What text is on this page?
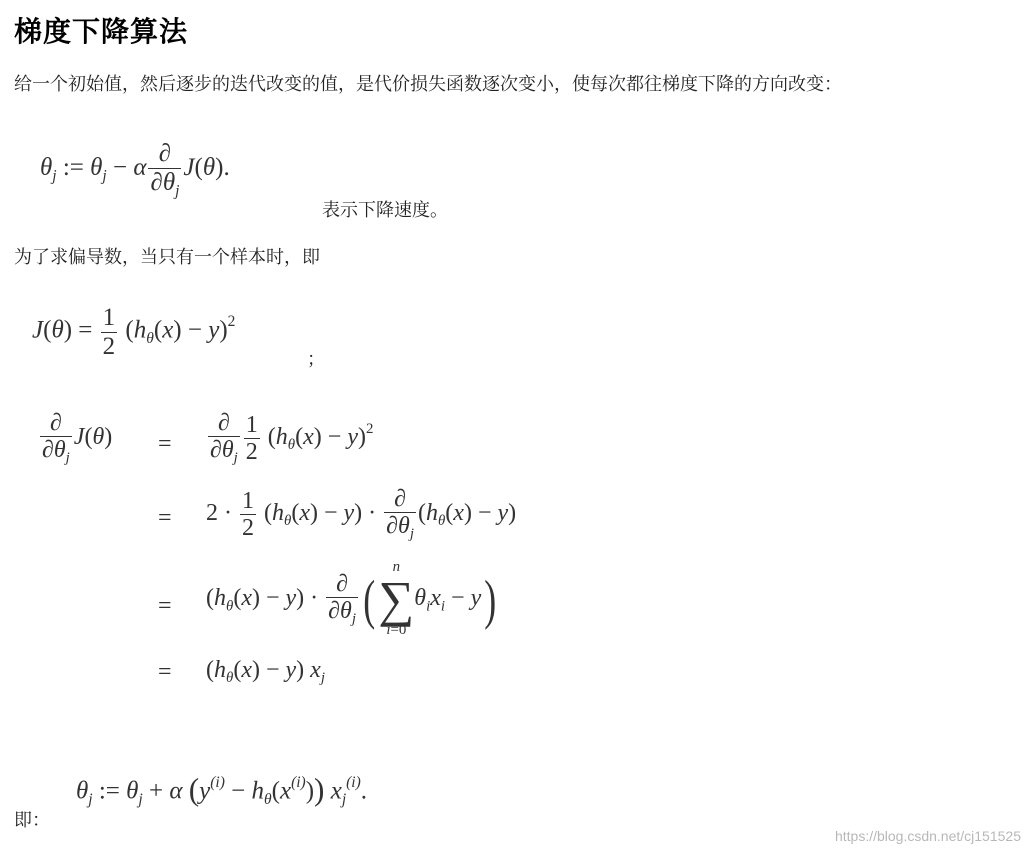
梯度下降算法

给一个初始值，然后逐步的迭代改变的值，是代价损失函数逐次变小，使每次都往梯度下降的方向改变：

$\theta_j$ := $\theta_j - \alpha \frac{\partial}{\partial\theta_j} J(\theta)$.

表示下降速度。

为了求偏导数，当只有一个样本时，即

$J(\theta) = \frac{1}{2} (h_\theta(x) - y)^2$
；
$\frac{\partial}{\partial\theta_j} J(\theta) = \frac{\partial}{\partial\theta_j} \frac{1}{2} (h_\theta(x) - y)^2$
= $2 \cdot \frac{1}{2} (h_\theta(x) - y) \cdot \frac{\partial}{\partial\theta_j} (h_\theta(x) - y)$
= $(h_\theta(x) - y) \cdot \frac{\partial}{\partial\theta_j}$ (
n
∑
i=0
$\theta_ix_i - y$)
= $(h_\theta(x) - y)$ $x_j$
$\theta_j$ := $\theta_j + \alpha$ $(y^{(i)} - h_\theta(x^{(i)}))$ $x_j^{(i)}$.

即：

https://blog.csdn.net/cj151525
